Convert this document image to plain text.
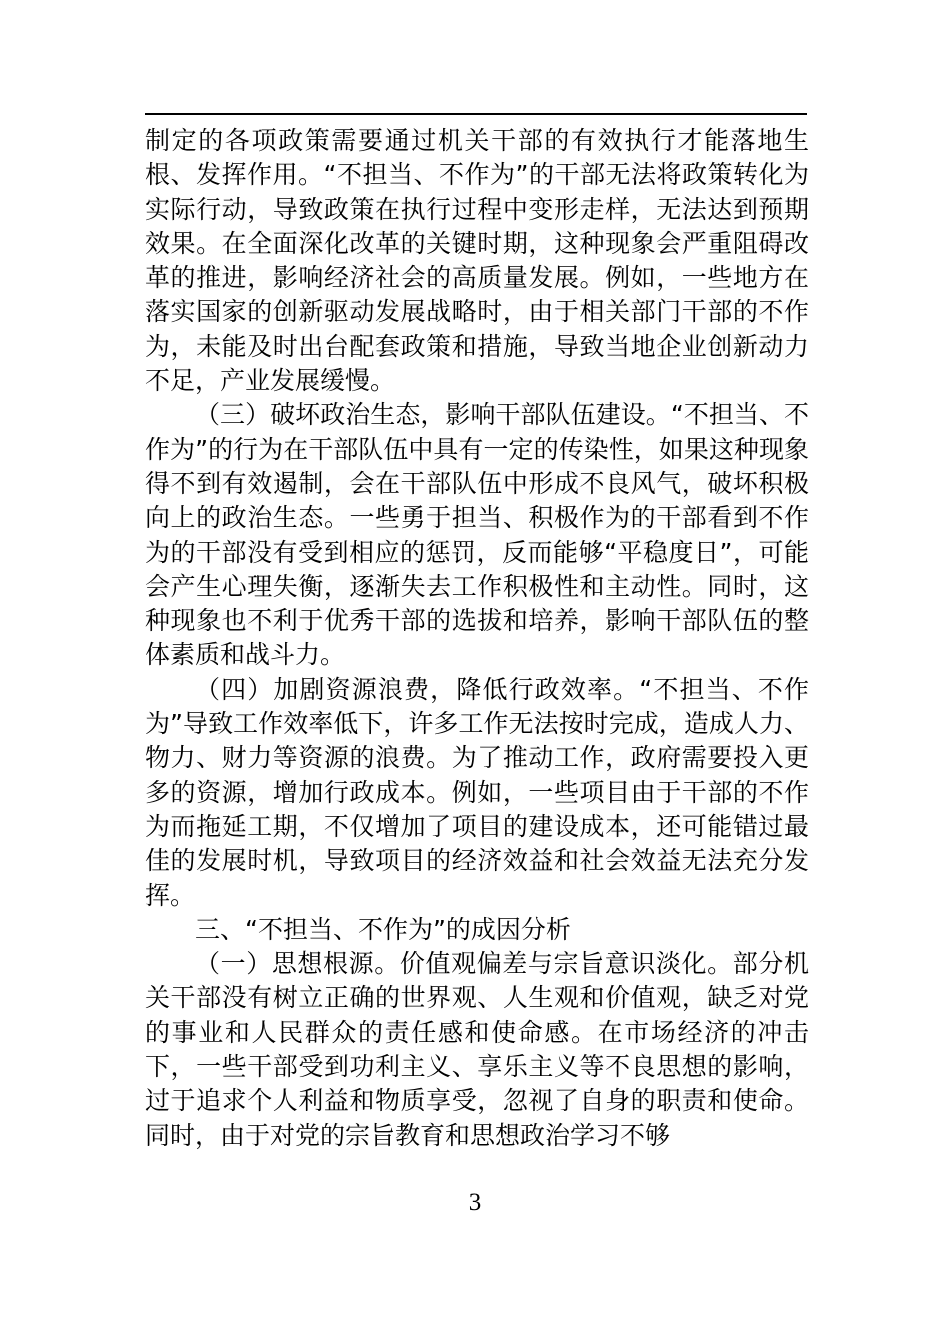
制定的各项政策需要通过机关干部的有效执行才能落地生根、发挥作用。“不担当、不作为”的干部无法将政策转化为实际行动，导致政策在执行过程中变形走样，无法达到预期效果。在全面深化改革的关键时期，这种现象会严重阻碍改革的推进，影响经济社会的高质量发展。例如，一些地方在落实国家的创新驱动发展战略时，由于相关部门干部的不作为，未能及时出台配套政策和措施，导致当地企业创新动力不足，产业发展缓慢。

（三）破坏政治生态，影响干部队伍建设。“不担当、不作为”的行为在干部队伍中具有一定的传染性，如果这种现象得不到有效遏制，会在干部队伍中形成不良风气，破坏积极向上的政治生态。一些勇于担当、积极作为的干部看到不作为的干部没有受到相应的惩罚，反而能够“平稳度日”，可能会产生心理失衡，逐渐失去工作积极性和主动性。同时，这种现象也不利于优秀干部的选拔和培养，影响干部队伍的整体素质和战斗力。

（四）加剧资源浪费，降低行政效率。“不担当、不作为”导致工作效率低下，许多工作无法按时完成，造成人力、物力、财力等资源的浪费。为了推动工作，政府需要投入更多的资源，增加行政成本。例如，一些项目由于干部的不作为而拖延工期，不仅增加了项目的建设成本，还可能错过最佳的发展时机，导致项目的经济效益和社会效益无法充分发挥。

三、“不担当、不作为”的成因分析

（一）思想根源。价值观偏差与宗旨意识淡化。部分机关干部没有树立正确的世界观、人生观和价值观，缺乏对党的事业和人民群众的责任感和使命感。在市场经济的冲击下，一些干部受到功利主义、享乐主义等不良思想的影响，过于追求个人利益和物质享受，忽视了自身的职责和使命。同时，由于对党的宗旨教育和思想政治学习不够

3
